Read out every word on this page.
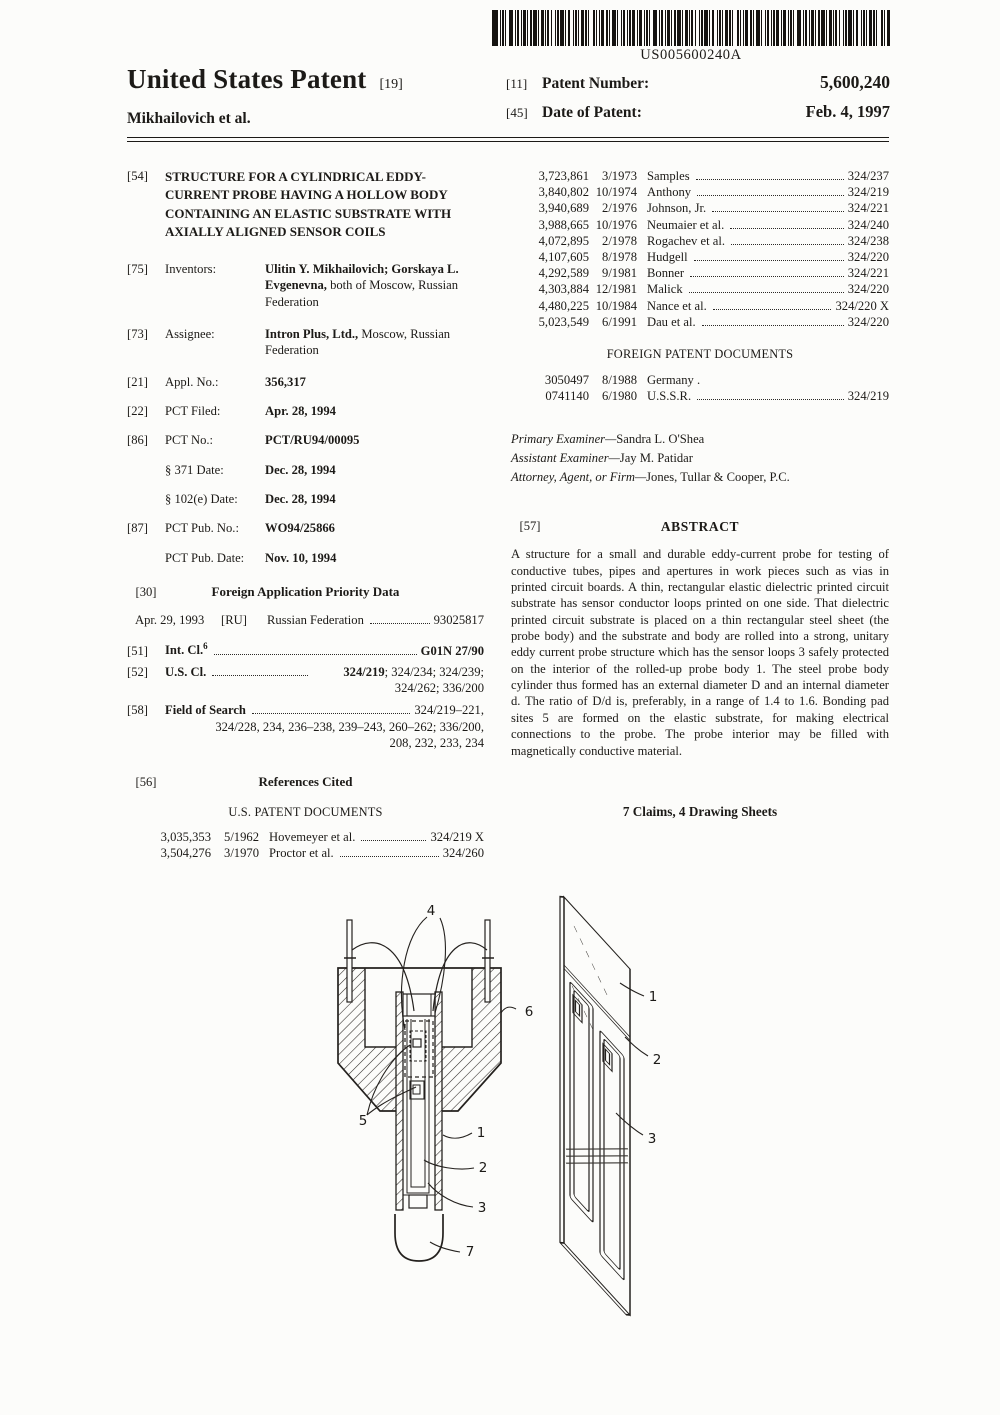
US005600240A
United States Patent [19]
Mikhailovich et al.
[11] Patent Number:	5,600,240
[45] Date of Patent:	Feb. 4, 1997
[54]	STRUCTURE FOR A CYLINDRICAL EDDY-CURRENT PROBE HAVING A HOLLOW BODY CONTAINING AN ELASTIC SUBSTRATE WITH AXIALLY ALIGNED SENSOR COILS
[75]	Inventors:	Ulitin Y. Mikhailovich; Gorskaya L. Evgenevna, both of Moscow, Russian Federation
[73]	Assignee:	Intron Plus, Ltd., Moscow, Russian Federation
[21]	Appl. No.:	356,317
[22]	PCT Filed:	Apr. 28, 1994
[86]	PCT No.:	PCT/RU94/00095
§ 371 Date:	Dec. 28, 1994
§ 102(e) Date:	Dec. 28, 1994
[87]	PCT Pub. No.:	WO94/25866
PCT Pub. Date:	Nov. 10, 1994
[30]	Foreign Application Priority Data
Apr. 29, 1993	[RU]	Russian Federation	93025817
[51]	Int. Cl.$^6$	G01N 27/90
[52]	U.S. Cl.	324/219; 324/234; 324/239; 324/262; 336/200
[58]	Field of Search	324/219–221,
324/228, 234, 236–238, 239–243, 260–262; 336/200, 208, 232, 233, 234
[56]	References Cited
U.S. PATENT DOCUMENTS
3,035,353	5/1962 Hovemeyer et al.	324/219 X
3,504,276	3/1970 Proctor et al.	324/260
3,723,861	3/1973 Samples	324/237
3,840,802 10/1974 Anthony	324/219
3,940,689	2/1976 Johnson, Jr.	324/221
3,988,665 10/1976 Neumaier et al.	324/240
4,072,895	2/1978 Rogachev et al.	324/238
4,107,605	8/1978 Hudgell	324/220
4,292,589	9/1981 Bonner	324/221
4,303,884 12/1981 Malick	324/220
4,480,225 10/1984 Nance et al.	324/220 X
5,023,549	6/1991 Dau et al.	324/220
FOREIGN PATENT DOCUMENTS
3050497	8/1988 Germany .
0741140	6/1980 U.S.S.R.	324/219
Primary Examiner—Sandra L. O'Shea
Assistant Examiner—Jay M. Patidar
Attorney, Agent, or Firm—Jones, Tullar & Cooper, P.C.
[57]	ABSTRACT
A structure for a small and durable eddy-current probe for testing of conductive tubes, pipes and apertures in work pieces such as vias in printed circuit boards. A thin, rectangular elastic dielectric printed circuit substrate has sensor conductor loops printed on one side. That dielectric printed circuit substrate is placed on a thin rectangular steel sheet (the probe body) and the substrate and body are rolled into a strong, unitary eddy current probe structure which has the sensor loops 3 safely protected on the interior of the rolled-up probe body 1. The steel probe body cylinder thus formed has an external diameter D and an internal diameter d. The ratio of D/d is, preferably, in a range of 1.4 to 1.6. Bonding pad sites 5 are formed on the elastic substrate, for making electrical connections to the probe. The probe interior may be filled with magnetically conductive material.
7 Claims, 4 Drawing Sheets
4
6
5
1
2
3
7
1
2
3
